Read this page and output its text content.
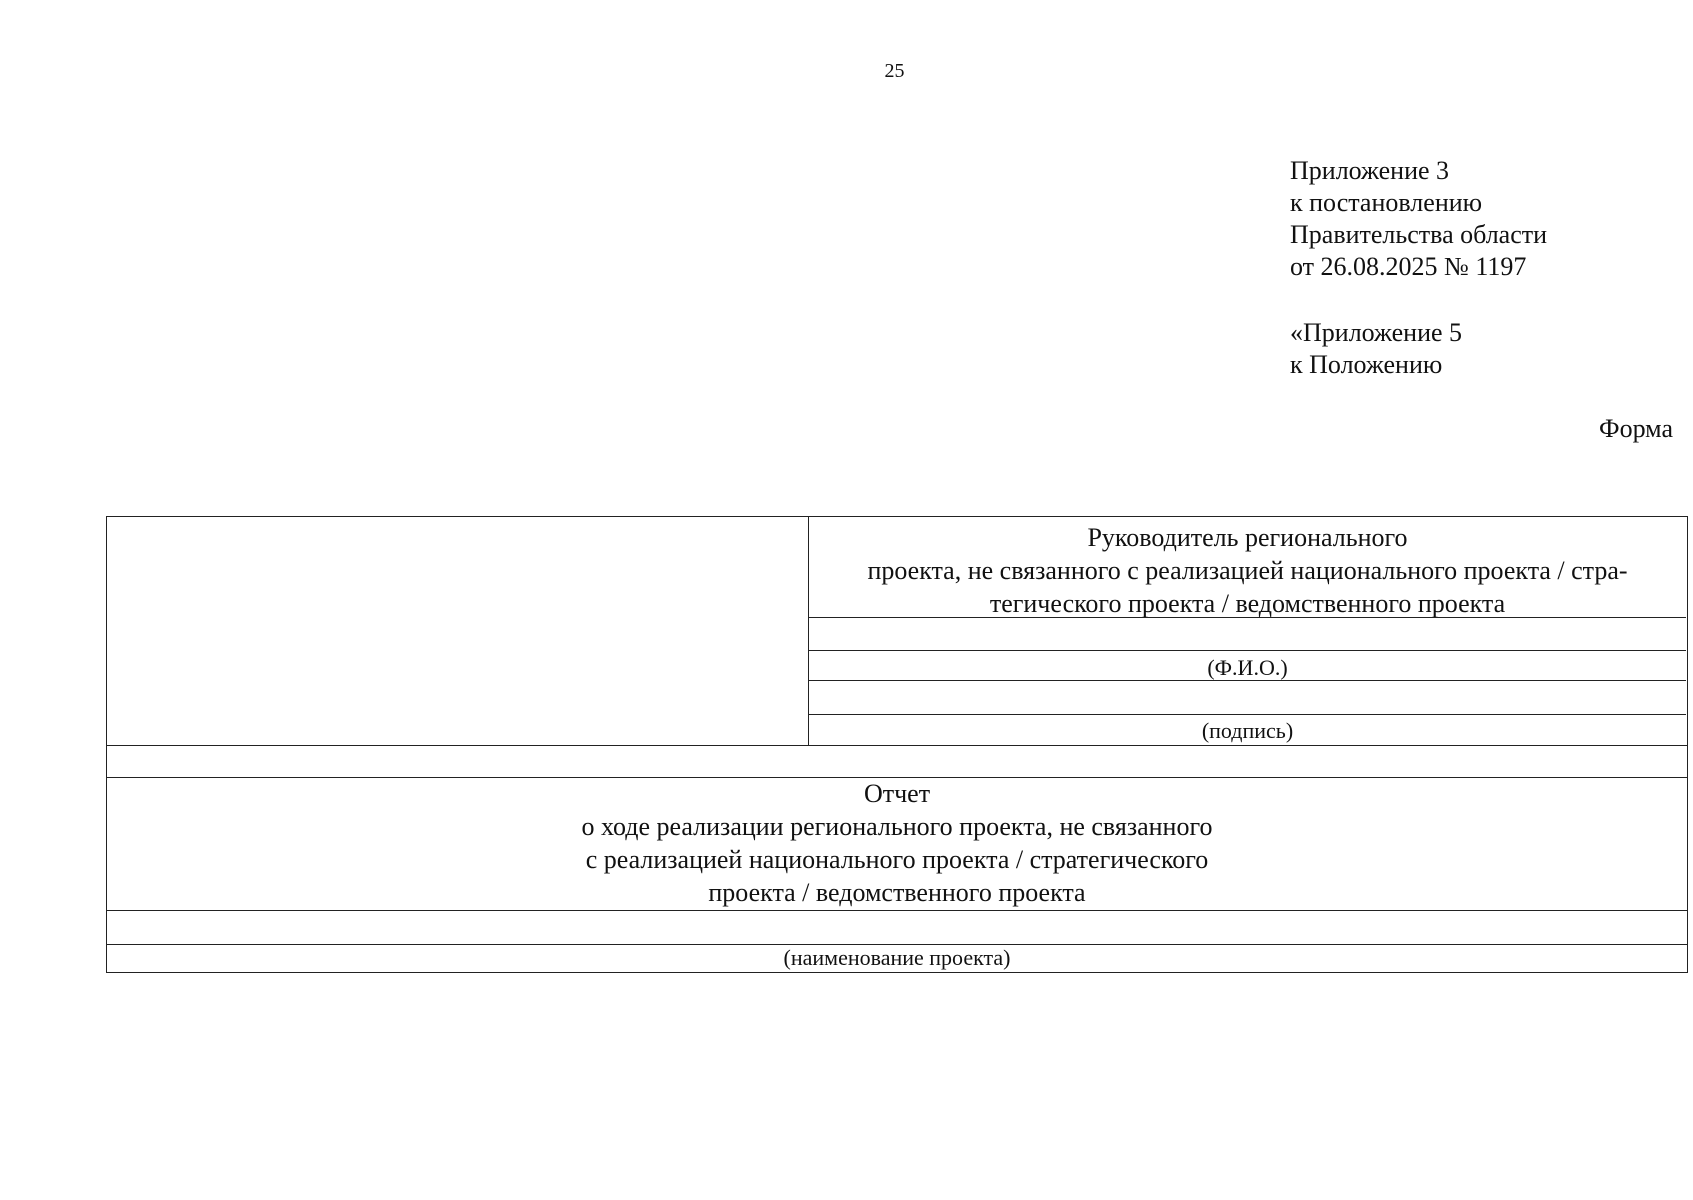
25
Приложение 3
к постановлению
Правительства области
от 26.08.2025 № 1197
«Приложение 5
к Положению
Форма
Руководитель регионального
проекта, не связанного с реализацией национального проекта / стра-
тегического проекта / ведомственного проекта
(Ф.И.О.)
(подпись)
Отчет
о ходе реализации регионального проекта, не связанного
с реализацией национального проекта / стратегического
проекта / ведомственного проекта
(наименование проекта)
